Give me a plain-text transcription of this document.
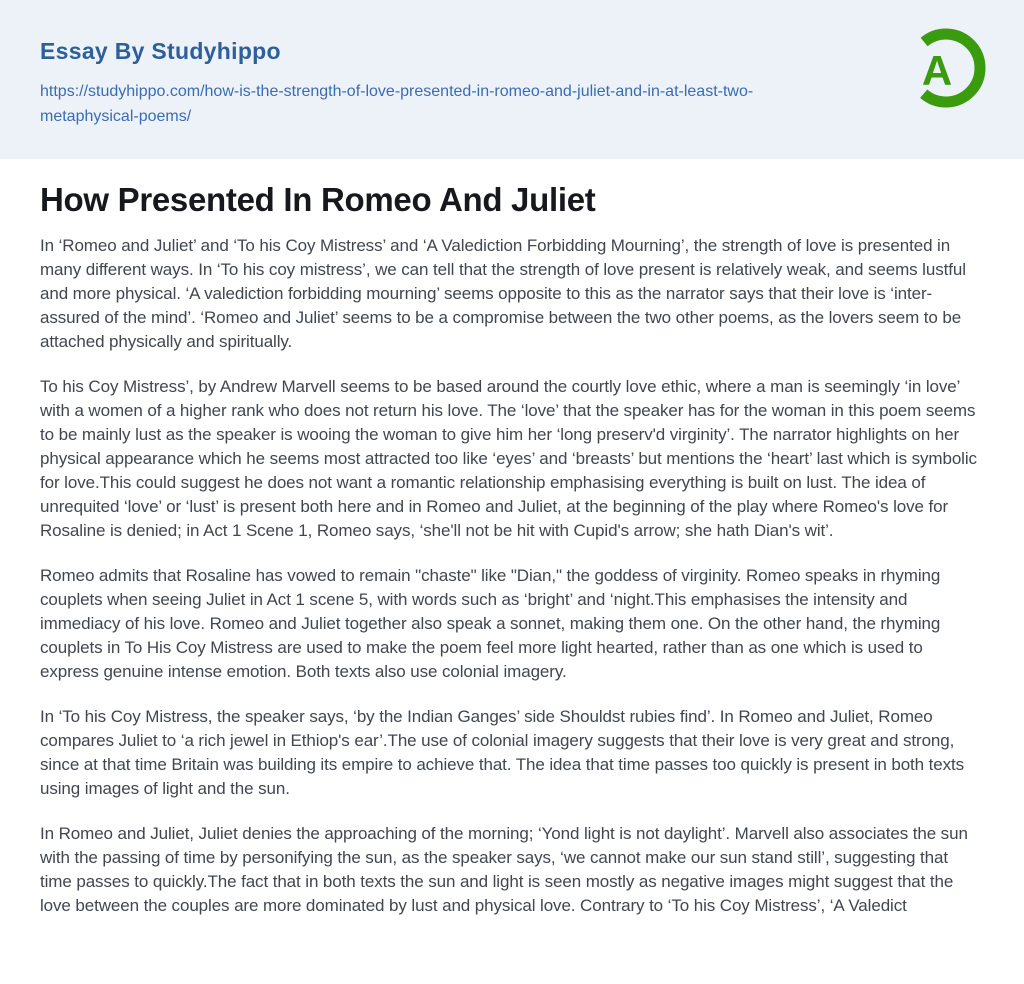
Essay By Studyhippo
https://studyhippo.com/how-is-the-strength-of-love-presented-in-romeo-and-juliet-and-in-at-least-two-metaphysical-poems/
A
How Presented In Romeo And Juliet

In ‘Romeo and Juliet’ and ‘To his Coy Mistress’ and ‘A Valediction Forbidding Mourning’, the strength of love is presented in many different ways. In ‘To his coy mistress’, we can tell that the strength of love present is relatively weak, and seems lustful and more physical. ‘A valediction forbidding mourning’ seems opposite to this as the narrator says that their love is ‘inter-assured of the mind’. ‘Romeo and Juliet’ seems to be a compromise between the two other poems, as the lovers seem to be attached physically and spiritually.

To his Coy Mistress’, by Andrew Marvell seems to be based around the courtly love ethic, where a man is seemingly ‘in love’ with a women of a higher rank who does not return his love. The ‘love’ that the speaker has for the woman in this poem seems to be mainly lust as the speaker is wooing the woman to give him her ‘long preserv'd virginity’. The narrator highlights on her physical appearance which he seems most attracted too like ‘eyes’ and ‘breasts’ but mentions the ‘heart’ last which is symbolic for love.This could suggest he does not want a romantic relationship emphasising everything is built on lust. The idea of unrequited ‘love’ or ‘lust’ is present both here and in Romeo and Juliet, at the beginning of the play where Romeo's love for Rosaline is denied; in Act 1 Scene 1, Romeo says, ‘she'll not be hit with Cupid's arrow; she hath Dian's wit’.

Romeo admits that Rosaline has vowed to remain "chaste" like "Dian," the goddess of virginity. Romeo speaks in rhyming couplets when seeing Juliet in Act 1 scene 5, with words such as ‘bright’ and ‘night.This emphasises the intensity and immediacy of his love. Romeo and Juliet together also speak a sonnet, making them one. On the other hand, the rhyming couplets in To His Coy Mistress are used to make the poem feel more light hearted, rather than as one which is used to express genuine intense emotion. Both texts also use colonial imagery.

In ‘To his Coy Mistress, the speaker says, ‘by the Indian Ganges’ side Shouldst rubies find’. In Romeo and Juliet, Romeo compares Juliet to ‘a rich jewel in Ethiop's ear’.The use of colonial imagery suggests that their love is very great and strong, since at that time Britain was building its empire to achieve that. The idea that time passes too quickly is present in both texts using images of light and the sun.

In Romeo and Juliet, Juliet denies the approaching of the morning; ‘Yond light is not daylight’. Marvell also associates the sun with the passing of time by personifying the sun, as the speaker says, ‘we cannot make our sun stand still’, suggesting that time passes to quickly.The fact that in both texts the sun and light is seen mostly as negative images might suggest that the love between the couples are more dominated by lust and physical love. Contrary to ‘To his Coy Mistress’, ‘A Valedict
